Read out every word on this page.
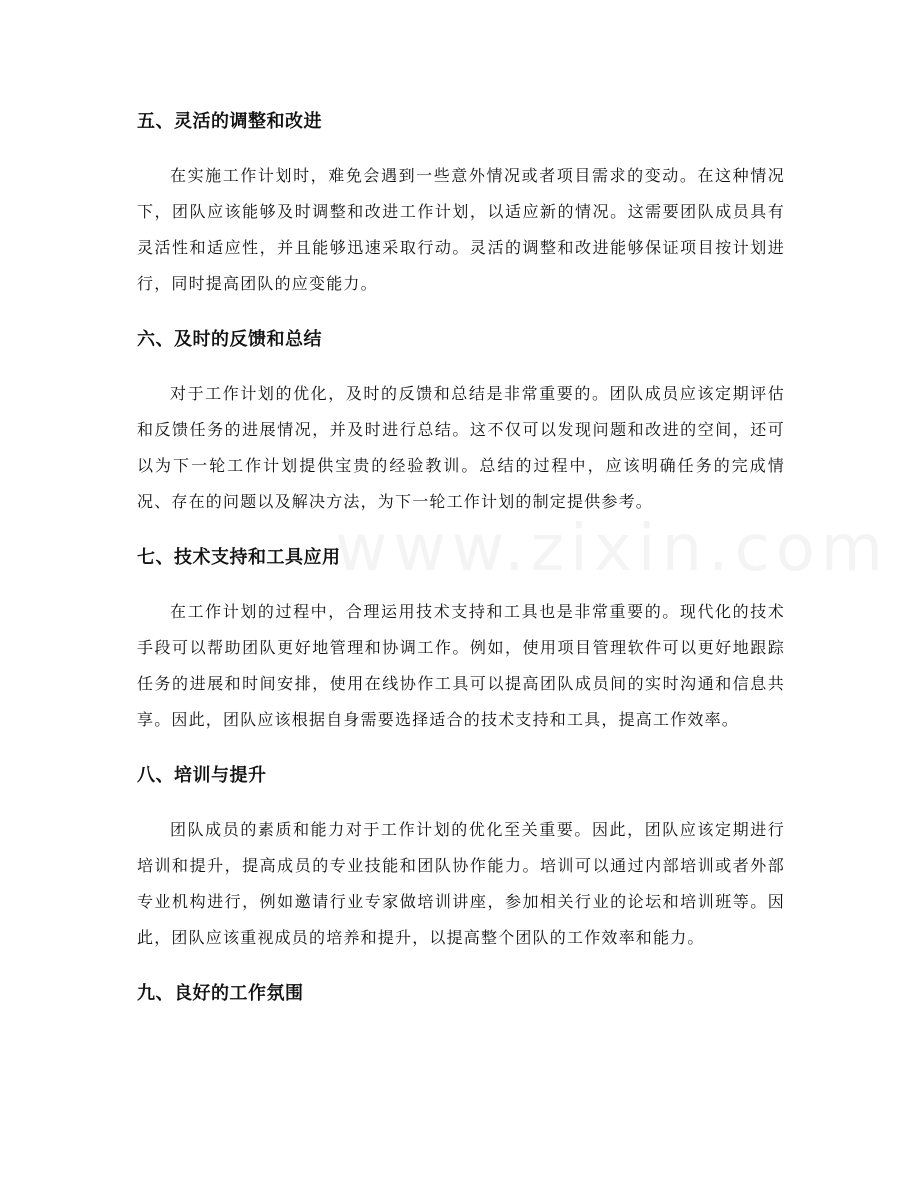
五、灵活的调整和改进

在实施工作计划时，难免会遇到一些意外情况或者项目需求的变动。在这种情况下，团队应该能够及时调整和改进工作计划，以适应新的情况。这需要团队成员具有灵活性和适应性，并且能够迅速采取行动。灵活的调整和改进能够保证项目按计划进行，同时提高团队的应变能力。

六、及时的反馈和总结

对于工作计划的优化，及时的反馈和总结是非常重要的。团队成员应该定期评估和反馈任务的进展情况，并及时进行总结。这不仅可以发现问题和改进的空间，还可以为下一轮工作计划提供宝贵的经验教训。总结的过程中，应该明确任务的完成情况、存在的问题以及解决方法，为下一轮工作计划的制定提供参考。

七、技术支持和工具应用

在工作计划的过程中，合理运用技术支持和工具也是非常重要的。现代化的技术手段可以帮助团队更好地管理和协调工作。例如，使用项目管理软件可以更好地跟踪任务的进展和时间安排，使用在线协作工具可以提高团队成员间的实时沟通和信息共享。因此，团队应该根据自身需要选择适合的技术支持和工具，提高工作效率。

八、培训与提升

团队成员的素质和能力对于工作计划的优化至关重要。因此，团队应该定期进行培训和提升，提高成员的专业技能和团队协作能力。培训可以通过内部培训或者外部专业机构进行，例如邀请行业专家做培训讲座，参加相关行业的论坛和培训班等。因此，团队应该重视成员的培养和提升，以提高整个团队的工作效率和能力。

九、良好的工作氛围
